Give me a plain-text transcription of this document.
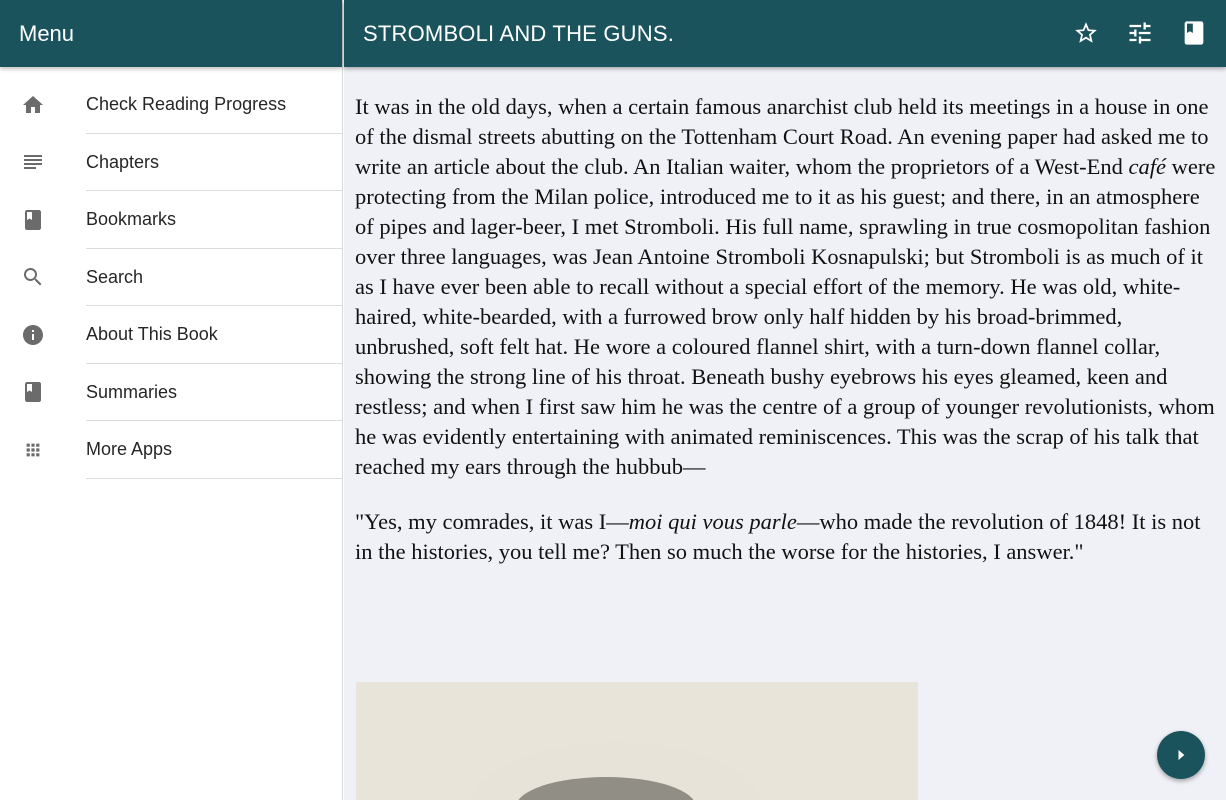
Menu
Check Reading Progress
Chapters
Bookmarks
Search
About This Book
Summaries
More Apps
STROMBOLI AND THE GUNS.

It was in the old days, when a certain famous anarchist club held its meetings in a house in one of the dismal streets abutting on the Tottenham Court Road. An evening paper had asked me to write an article about the club. An Italian waiter, whom the proprietors of a West-End café were protecting from the Milan police, introduced me to it as his guest; and there, in an atmosphere of pipes and lager-beer, I met Stromboli. His full name, sprawling in true cosmopolitan fashion over three languages, was Jean Antoine Stromboli Kosnapulski; but Stromboli is as much of it as I have ever been able to recall without a special effort of the memory. He was old, white-haired, white-bearded, with a furrowed brow only half hidden by his broad-brimmed, unbrushed, soft felt hat. He wore a coloured flannel shirt, with a turn-down flannel collar, showing the strong line of his throat. Beneath bushy eyebrows his eyes gleamed, keen and restless; and when I first saw him he was the centre of a group of younger revolutionists, whom he was evidently entertaining with animated reminiscences. This was the scrap of his talk that reached my ears through the hubbub—

"Yes, my comrades, it was I—moi qui vous parle—who made the revolution of 1848! It is not in the histories, you tell me? Then so much the worse for the histories, I answer."
